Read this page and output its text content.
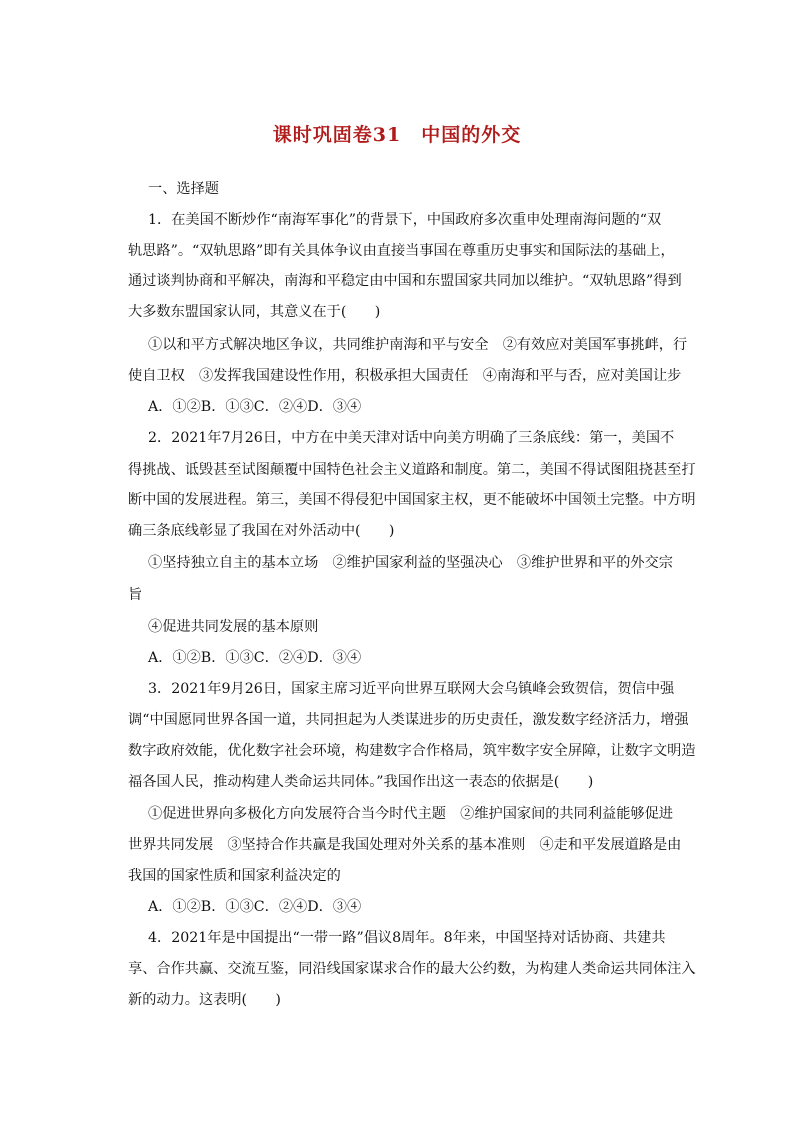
课时巩固卷31　中国的外交
一、选择题
1．在美国不断炒作“南海军事化”的背景下，中国政府多次重申处理南海问题的“双
轨思路”。“双轨思路”即有关具体争议由直接当事国在尊重历史事实和国际法的基础上，
通过谈判协商和平解决，南海和平稳定由中国和东盟国家共同加以维护。“双轨思路”得到
大多数东盟国家认同，其意义在于(　　)
①以和平方式解决地区争议，共同维护南海和平与安全　②有效应对美国军事挑衅，行
使自卫权　③发挥我国建设性作用，积极承担大国责任　④南海和平与否，应对美国让步
A．①②B．①③C．②④D．③④
2．2021年7月26日，中方在中美天津对话中向美方明确了三条底线：第一，美国不
得挑战、诋毁甚至试图颠覆中国特色社会主义道路和制度。第二，美国不得试图阻挠甚至打
断中国的发展进程。第三，美国不得侵犯中国国家主权，更不能破坏中国领土完整。中方明
确三条底线彰显了我国在对外活动中(　　)
①坚持独立自主的基本立场　②维护国家利益的坚强决心　③维护世界和平的外交宗
旨
④促进共同发展的基本原则
A．①②B．①③C．②④D．③④
3．2021年9月26日，国家主席习近平向世界互联网大会乌镇峰会致贺信，贺信中强
调“中国愿同世界各国一道，共同担起为人类谋进步的历史责任，激发数字经济活力，增强
数字政府效能，优化数字社会环境，构建数字合作格局，筑牢数字安全屏障，让数字文明造
福各国人民，推动构建人类命运共同体。”我国作出这一表态的依据是(　　)
①促进世界向多极化方向发展符合当今时代主题　②维护国家间的共同利益能够促进
世界共同发展　③坚持合作共赢是我国处理对外关系的基本准则　④走和平发展道路是由
我国的国家性质和国家利益决定的
A．①②B．①③C．②④D．③④
4．2021年是中国提出“一带一路”倡议8周年。8年来，中国坚持对话协商、共建共
享、合作共赢、交流互鉴，同沿线国家谋求合作的最大公约数，为构建人类命运共同体注入
新的动力。这表明(　　)
